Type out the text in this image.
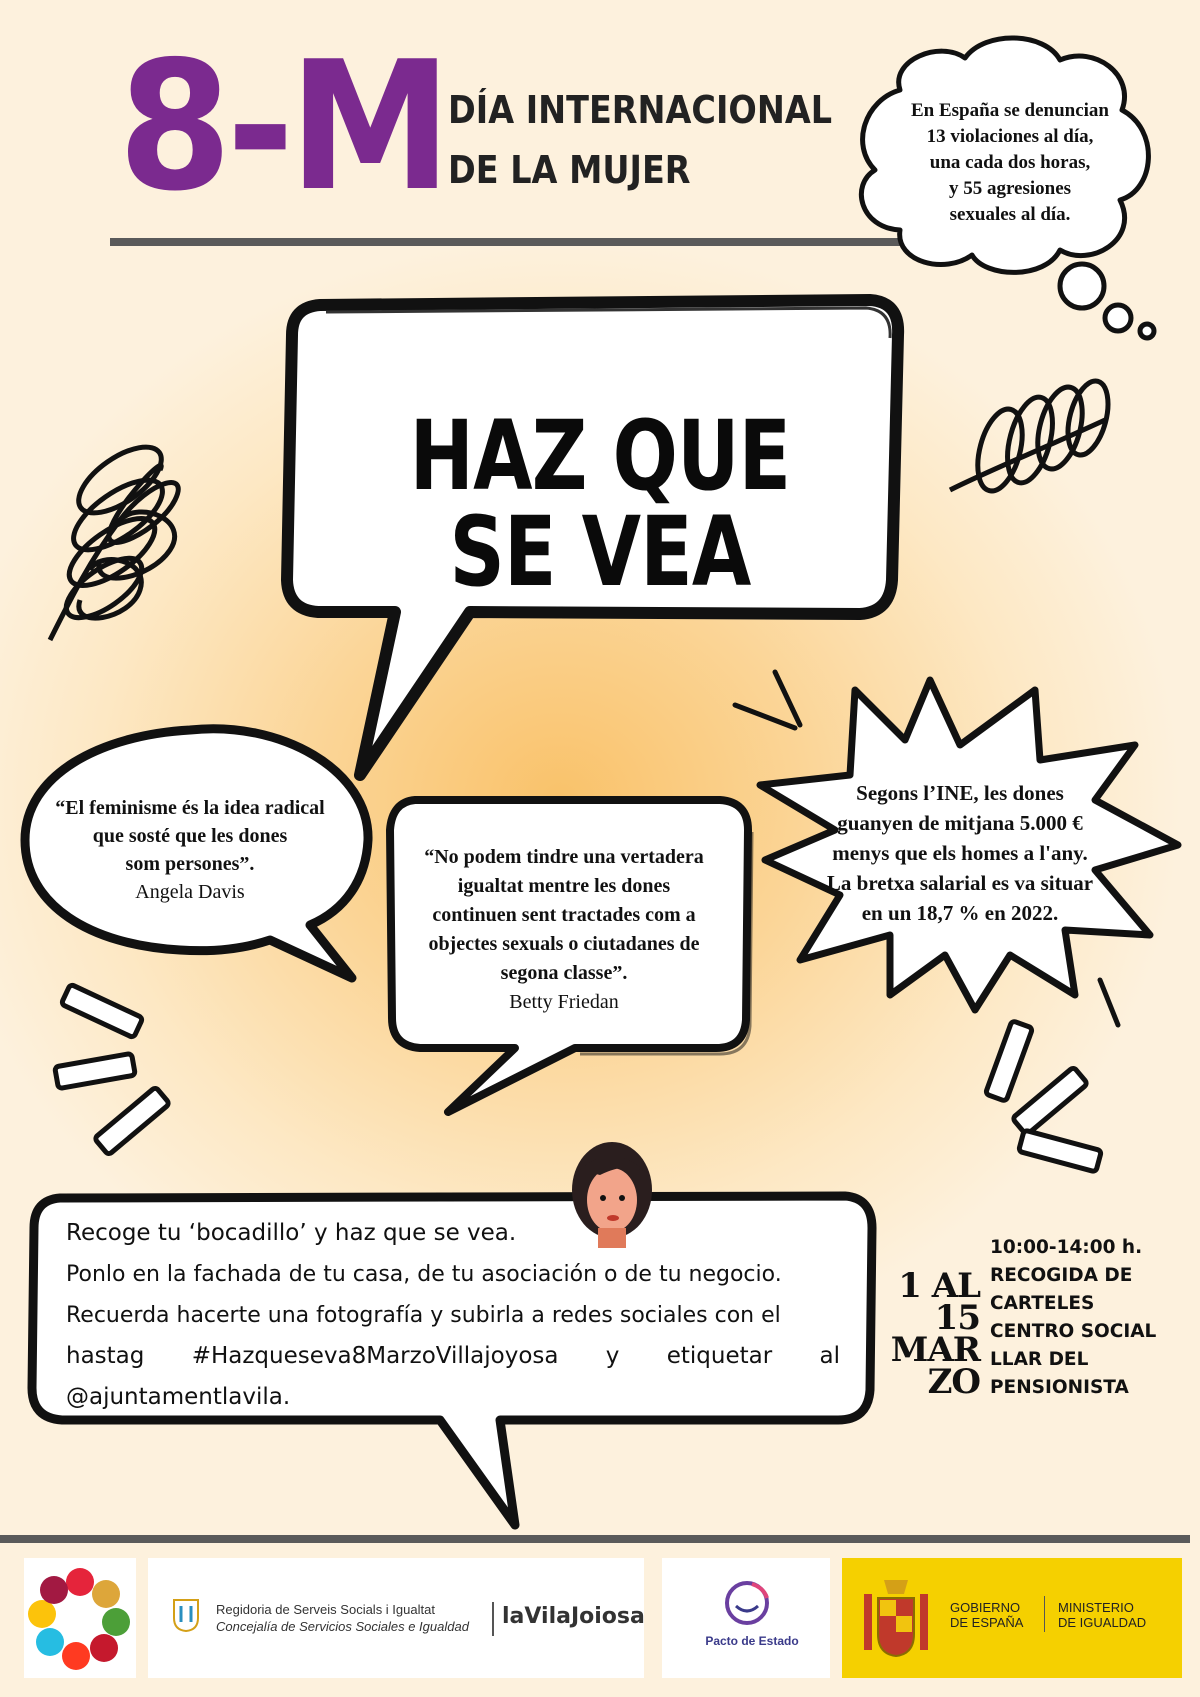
8-M DÍA INTERNACIONAL
DE LA MUJER
En España se denuncian
13 violaciones al día,
una cada dos horas,
y 55 agresiones
sexuales al día.
HAZ QUE SE VEA
“El feminisme és la idea radical
que sosté que les dones
som persones”.
Angela Davis
“No podem tindre una vertadera
igualtat mentre les dones
continuen sent tractades com a
objectes sexuals o ciutadanes de
segona classe”.
Betty Friedan
Segons l’INE, les dones
guanyen de mitjana 5.000 €
menys que els homes a l'any.
La bretxa salarial es va situar
en un 18,7 % en 2022.
Recoge tu ‘bocadillo’ y haz que se vea.
Ponlo en la fachada de tu casa, de tu asociación o de tu negocio.
Recuerda hacerte una fotografía y subirla a redes sociales con el
hastag #Hazqueseva8MarzoVillajoyosa y etiquetar al
@ajuntamentlavila.
1 AL
15
MAR
ZO
10:00-14:00 h.
RECOGIDA DE
CARTELES
CENTRO SOCIAL
LLAR DEL
PENSIONISTA
Regidoria de Serveis Socials i Igualtat
Concejalía de Servicios Sociales e Igualdad laVilaJoiosa
Pacto de Estado
GOBIERNO
DE ESPAÑA
MINISTERIO
DE IGUALDAD
